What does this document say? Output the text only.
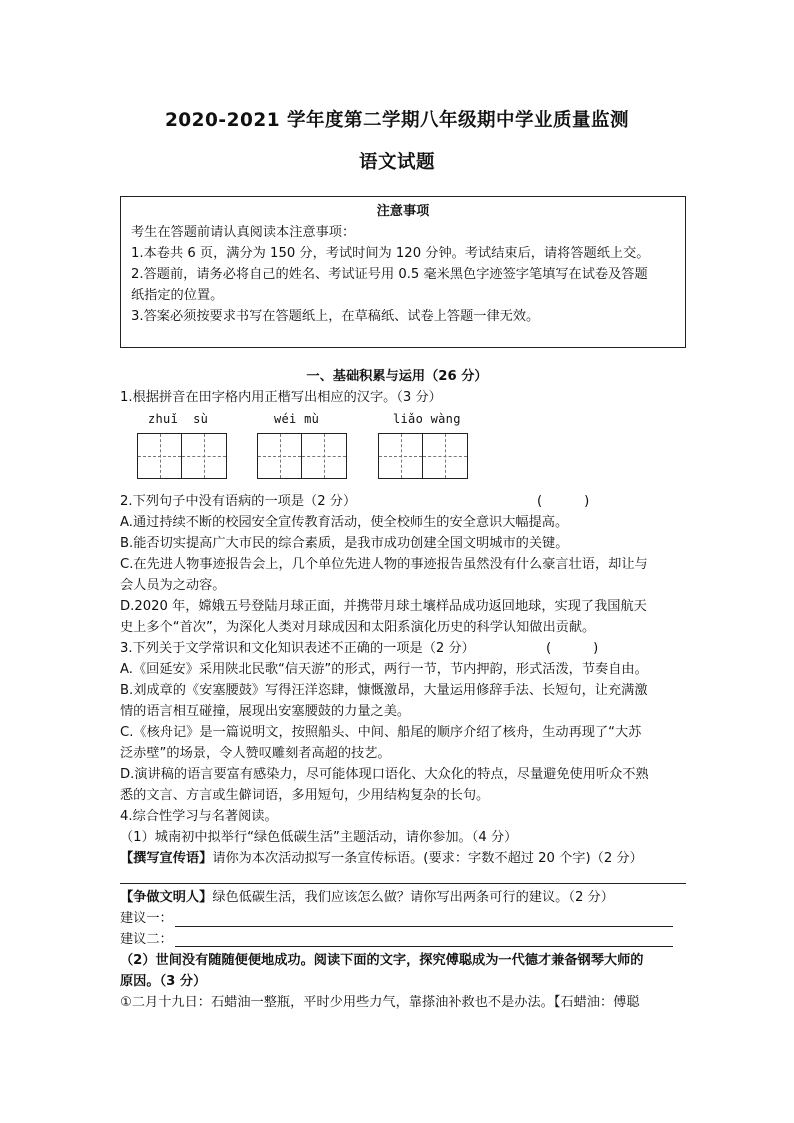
2020-2021 学年度第二学期八年级期中学业质量监测
语文试题
注意事项
考生在答题前请认真阅读本注意事项：
1.本卷共 6 页，满分为 150 分，考试时间为 120 分钟。考试结束后，请将答题纸上交。
2.答题前，请务必将自己的姓名、考试证号用 0.5 毫米黑色字迹签字笔填写在试卷及答题
纸指定的位置。
3.答案必须按要求书写在答题纸上，在草稿纸、试卷上答题一律无效。
一、基础积累与运用（26 分）
1.根据拼音在田字格内用正楷写出相应的汉字。（3 分）
zhuǐ  sù	wéi mù	liǎo wàng
2.下列句子中没有语病的一项是（2 分）	(          )
A.通过持续不断的校园安全宣传教育活动，使全校师生的安全意识大幅提高。
B.能否切实提高广大市民的综合素质，是我市成功创建全国文明城市的关键。
C.在先进人物事迹报告会上，几个单位先进人物的事迹报告虽然没有什么豪言壮语，却让与
会人员为之动容。
D.2020 年，嫦娥五号登陆月球正面，并携带月球土壤样品成功返回地球，实现了我国航天
史上多个“首次”，为深化人类对月球成因和太阳系演化历史的科学认知做出贡献。
3.下列关于文学常识和文化知识表述不正确的一项是（2 分）	(          )
A.《回延安》采用陕北民歌“信天游”的形式，两行一节，节内押韵，形式活泼，节奏自由。
B.刘成章的《安塞腰鼓》写得汪洋恣肆，慷慨激昂，大量运用修辞手法、长短句，让充满激
情的语言相互碰撞，展现出安塞腰鼓的力量之美。
C.《核舟记》是一篇说明文，按照船头、中间、船尾的顺序介绍了核舟，生动再现了“大苏
泛赤壁”的场景，令人赞叹雕刻者高超的技艺。
D.演讲稿的语言要富有感染力，尽可能体现口语化、大众化的特点，尽量避免使用听众不熟
悉的文言、方言或生僻词语，多用短句，少用结构复杂的长句。
4.综合性学习与名著阅读。
（1）城南初中拟举行“绿色低碳生活”主题活动，请你参加。（4 分）
【撰写宣传语】请你为本次活动拟写一条宣传标语。(要求：字数不超过 20 个字)（2 分）
【争做文明人】绿色低碳生活，我们应该怎么做？请你写出两条可行的建议。（2 分）
建议一：
建议二：
（2）世间没有随随便便地成功。阅读下面的文字，探究傅聪成为一代德才兼备钢琴大师的
原因。（3 分）
①二月十九日：石蜡油一整瓶，平时少用些力气，靠搽油补救也不是办法。【石蜡油：傅聪
